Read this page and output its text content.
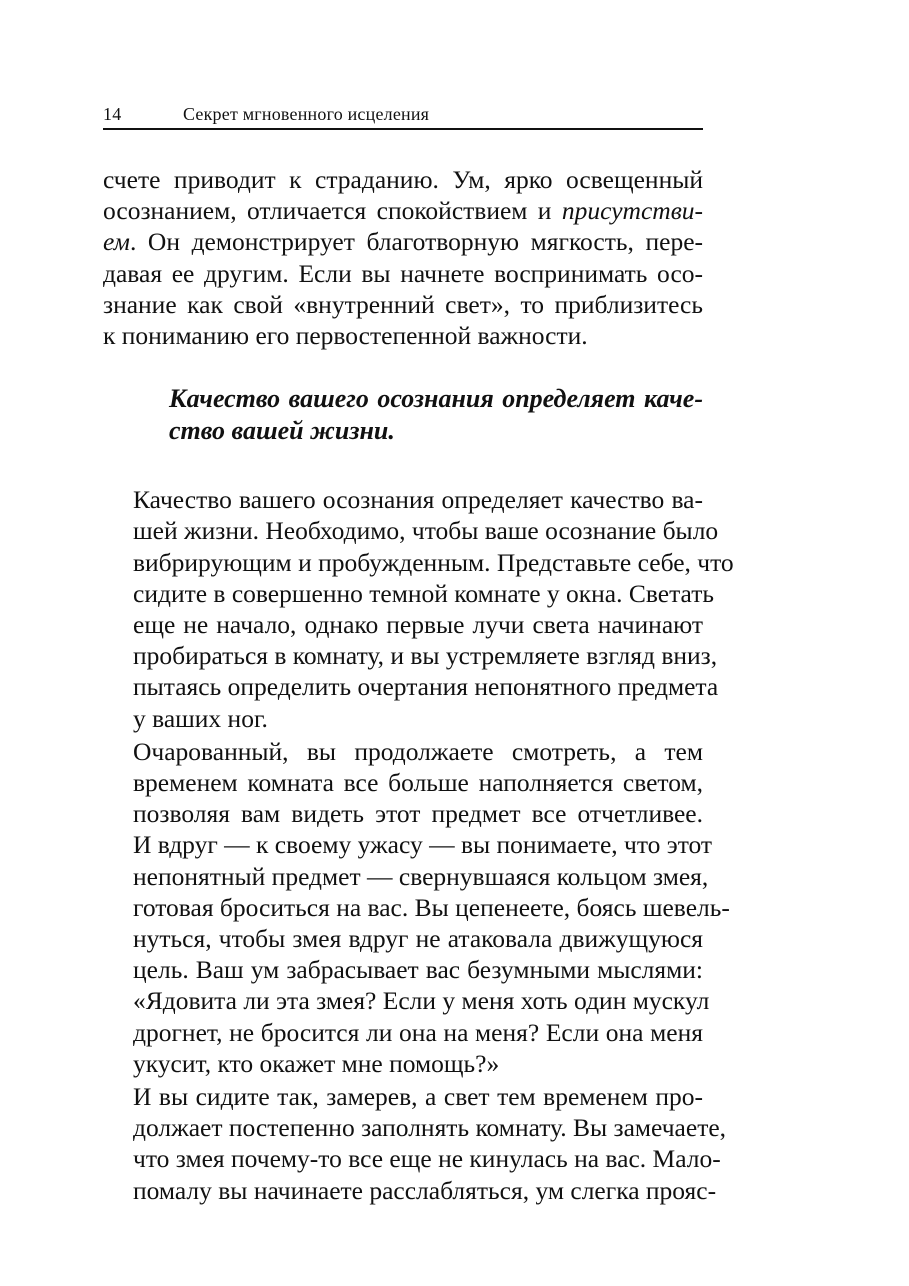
14	Секрет мгновенного исцеления

счете приводит к страданию. Ум, ярко освещенный
осознанием, отличается спокойствием и присутстви-
ем. Он демонстрирует благотворную мягкость, пере-
давая ее другим. Если вы начнете воспринимать осо-
знание как свой «внутренний свет», то приблизитесь
к пониманию его первостепенной важности.

Качество вашего осознания определяет каче-
ство вашей жизни.

Качество вашего осознания определяет качество ва-
шей жизни. Необходимо, чтобы ваше осознание было
вибрирующим и пробужденным. Представьте себе, что
сидите в совершенно темной комнате у окна. Светать
еще не начало, однако первые лучи света начинают
пробираться в комнату, и вы устремляете взгляд вниз,
пытаясь определить очертания непонятного предмета
у ваших ног.

Очарованный, вы продолжаете смотреть, а тем
временем комната все больше наполняется светом,
позволяя вам видеть этот предмет все отчетливее.
И вдруг — к своему ужасу — вы понимаете, что этот
непонятный предмет — свернувшаяся кольцом змея,
готовая броситься на вас. Вы цепенеете, боясь шевель-
нуться, чтобы змея вдруг не атаковала движущуюся
цель. Ваш ум забрасывает вас безумными мыслями:
«Ядовита ли эта змея? Если у меня хоть один мускул
дрогнет, не бросится ли она на меня? Если она меня
укусит, кто окажет мне помощь?»

И вы сидите так, замерев, а свет тем временем про-
должает постепенно заполнять комнату. Вы замечаете,
что змея почему-то все еще не кинулась на вас. Мало-
помалу вы начинаете расслабляться, ум слегка прояс-
